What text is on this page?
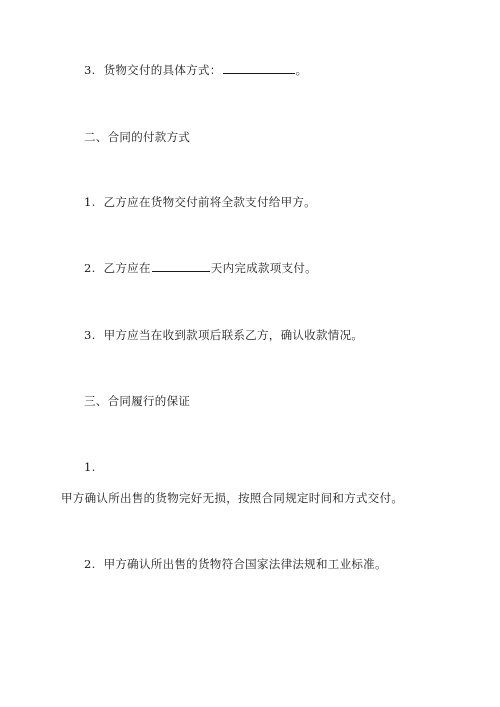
3. 货物交付的具体方式：	。
二、合同的付款方式
1. 乙方应在货物交付前将全款支付给甲方。
2. 乙方应在	天内完成款项支付。
3. 甲方应当在收到款项后联系乙方，确认收款情况。
三、合同履行的保证
1.
甲方确认所出售的货物完好无损，按照合同规定时间和方式交付。
2. 甲方确认所出售的货物符合国家法律法规和工业标准。
